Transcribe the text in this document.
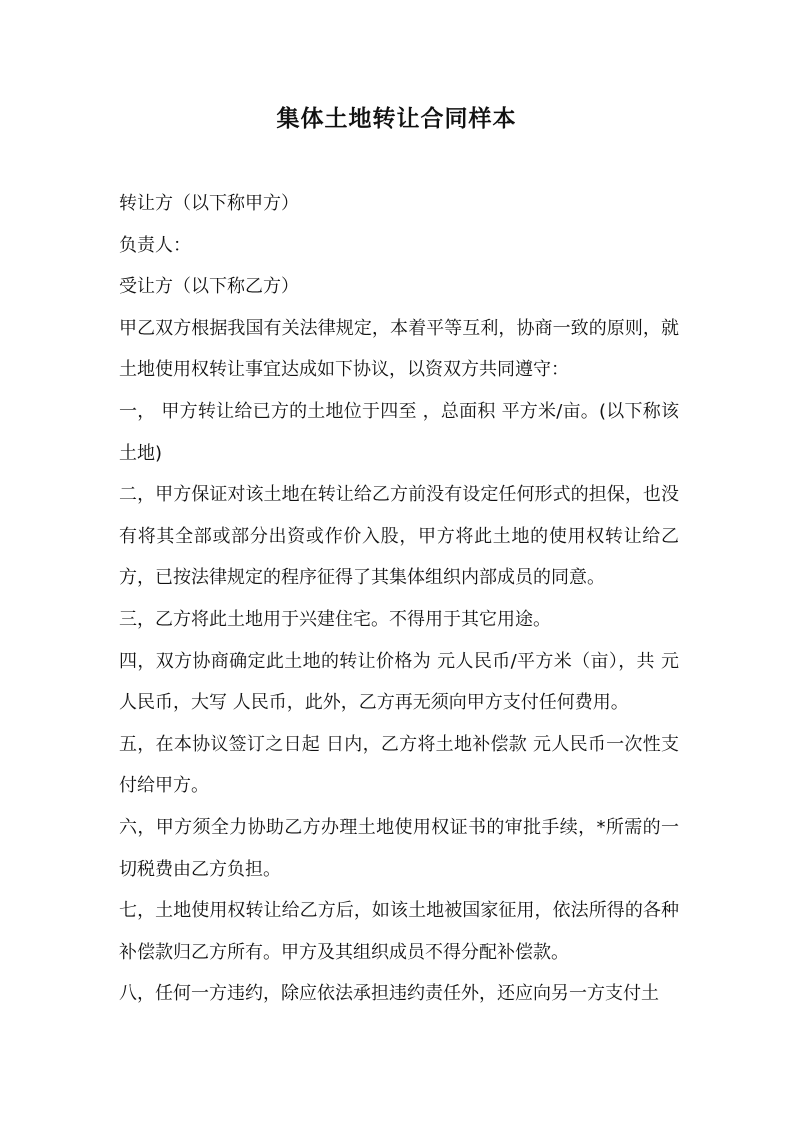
集体土地转让合同样本

转让方（以下称甲方）

负责人：

受让方（以下称乙方）

甲乙双方根据我国有关法律规定，本着平等互利，协商一致的原则，就土地使用权转让事宜达成如下协议，以资双方共同遵守：

一， 甲方转让给已方的土地位于四至 ，总面积 平方米/亩。(以下称该土地)

二，甲方保证对该土地在转让给乙方前没有设定任何形式的担保，也没有将其全部或部分出资或作价入股，甲方将此土地的使用权转让给乙方，已按法律规定的程序征得了其集体组织内部成员的同意。

三，乙方将此土地用于兴建住宅。不得用于其它用途。

四，双方协商确定此土地的转让价格为 元人民币/平方米（亩），共 元人民币，大写 人民币，此外，乙方再无须向甲方支付任何费用。

五，在本协议签订之日起 日内，乙方将土地补偿款 元人民币一次性支付给甲方。

六，甲方须全力协助乙方办理土地使用权证书的审批手续，*所需的一切税费由乙方负担。

七，土地使用权转让给乙方后，如该土地被国家征用，依法所得的各种补偿款归乙方所有。甲方及其组织成员不得分配补偿款。

八，任何一方违约，除应依法承担违约责任外，还应向另一方支付土
